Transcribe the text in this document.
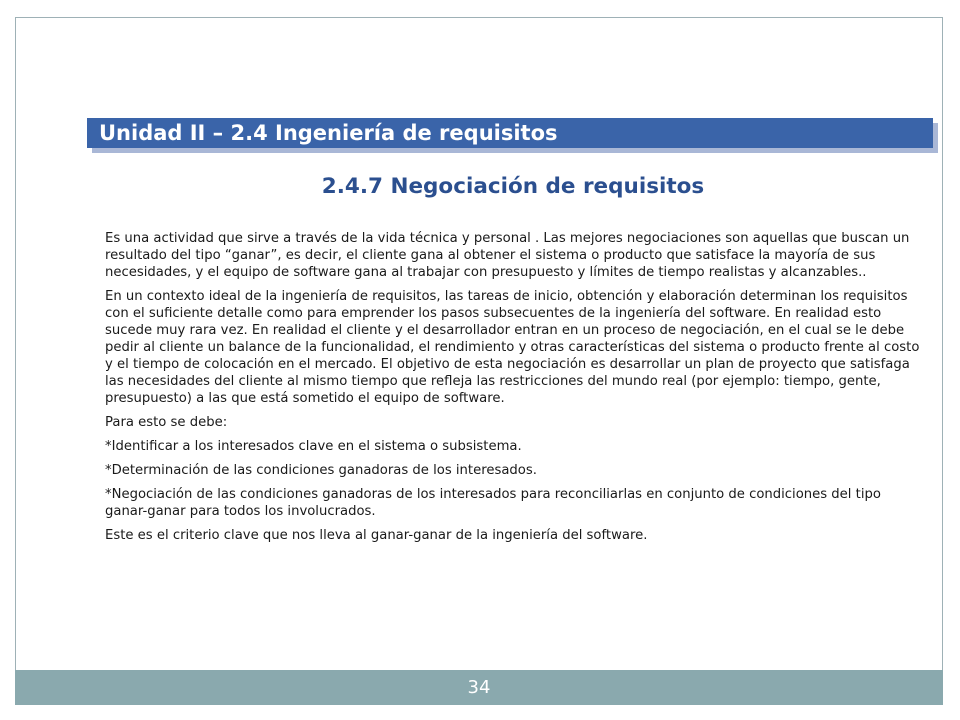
Unidad II – 2.4 Ingeniería de requisitos
2.4.7 Negociación de requisitos

Es una actividad que sirve a través de la vida técnica y personal . Las mejores negociaciones son aquellas que buscan un resultado del tipo “ganar”, es decir, el cliente gana al obtener el sistema o producto que satisface la mayoría de sus necesidades, y el equipo de software gana al trabajar con presupuesto y límites de tiempo realistas y alcanzables..

En un contexto ideal de la ingeniería de requisitos, las tareas de inicio, obtención y elaboración determinan los requisitos con el suficiente detalle como para emprender los pasos subsecuentes de la ingeniería del software. En realidad esto sucede muy rara vez. En realidad el cliente y el desarrollador entran en un proceso de negociación, en el cual se le debe pedir al cliente un balance de la funcionalidad, el rendimiento y otras características del sistema o producto frente al costo y el tiempo de colocación en el mercado. El objetivo de esta negociación es desarrollar un plan de proyecto que satisfaga las necesidades del cliente al mismo tiempo que refleja las restricciones del mundo real (por ejemplo: tiempo, gente, presupuesto) a las que está sometido el equipo de software.

Para esto se debe:

*Identificar a los interesados clave en el sistema o subsistema.

*Determinación de las condiciones ganadoras de los interesados.

*Negociación de las condiciones ganadoras de los interesados para reconciliarlas en conjunto de condiciones del tipo ganar-ganar para todos los involucrados.

Este es el criterio clave que nos lleva al ganar-ganar de la ingeniería del software.

34
